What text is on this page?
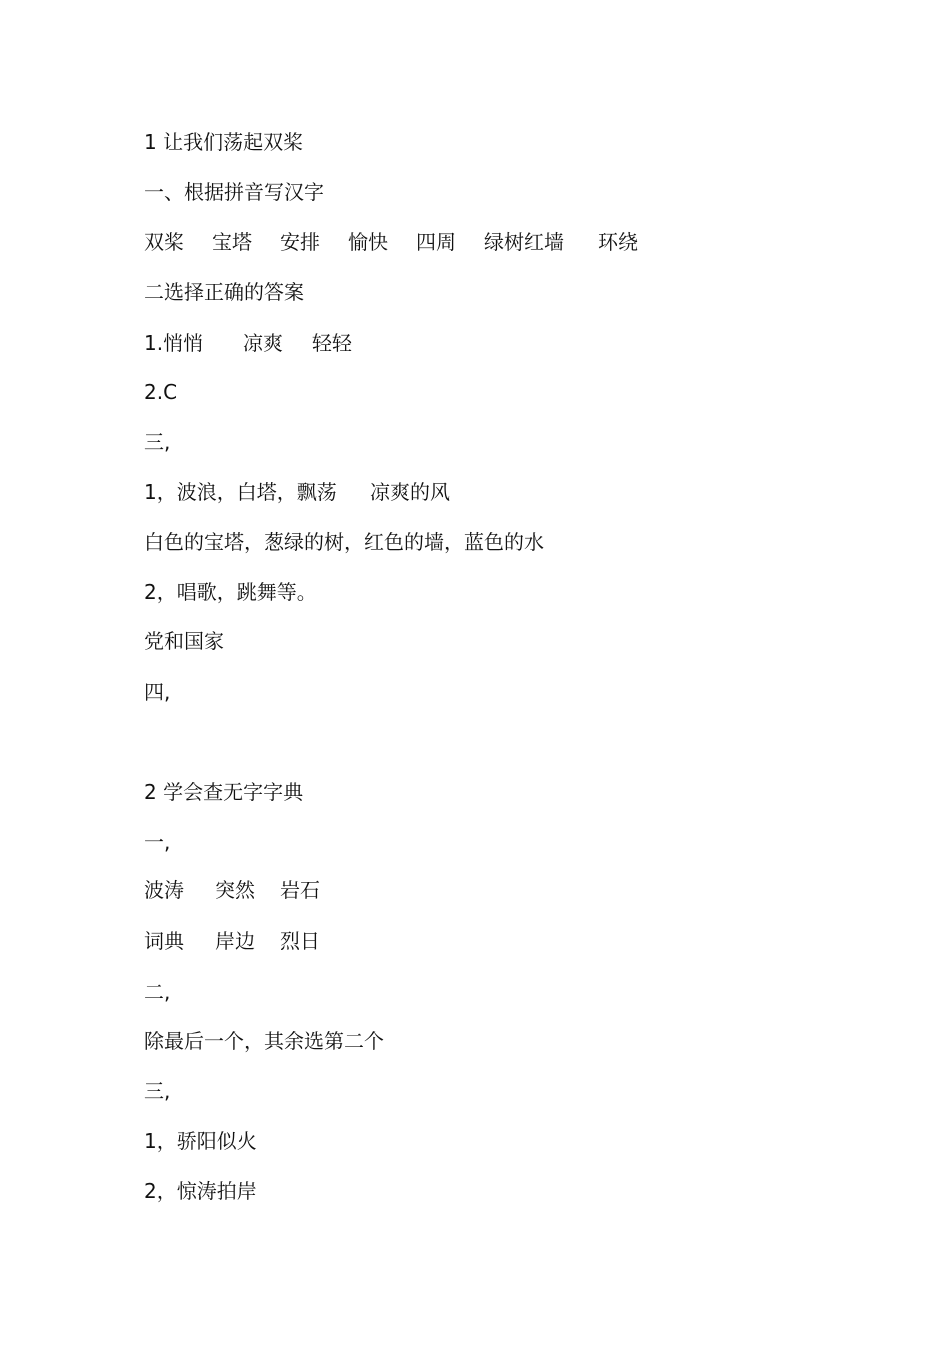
1 让我们荡起双桨
一、根据拼音写汉字
双桨 宝塔 安排 愉快 四周 绿树红墙 环绕
二选择正确的答案
1.悄悄 凉爽 轻轻
2.C
三,
1，波浪，白塔，飘荡 凉爽的风
白色的宝塔，葱绿的树，红色的墙，蓝色的水
2，唱歌，跳舞等。
党和国家
四,
2 学会查无字字典
一,
波涛 突然 岩石
词典 岸边 烈日
二,
除最后一个，其余选第二个
三,
1，骄阳似火
2，惊涛拍岸
